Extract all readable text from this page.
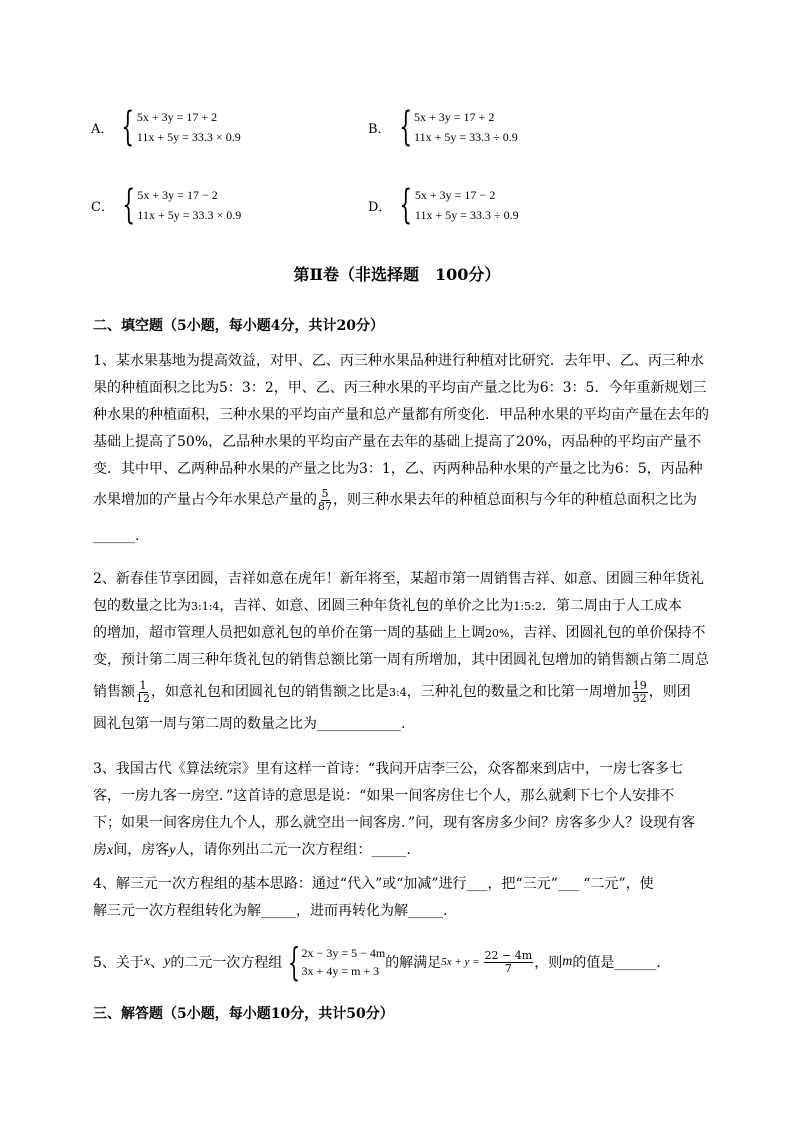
A． { 5x + 3y = 17 + 2
11x + 5y = 33.3 × 0.9
B． { 5x + 3y = 17 + 2
11x + 5y = 33.3 ÷ 0.9
C． { 5x + 3y = 17 − 2
11x + 5y = 33.3 × 0.9
D． { 5x + 3y = 17 − 2
11x + 5y = 33.3 ÷ 0.9
第Ⅱ卷（非选择题　100分）
二、填空题（5小题，每小题4分，共计20分）
1、某水果基地为提高效益，对甲、乙、丙三种水果品种进行种植对比研究．去年甲、乙、丙三种水
果的种植面积之比为5：3：2，甲、乙、丙三种水果的平均亩产量之比为6：3：5．今年重新规划三
种水果的种植面积，三种水果的平均亩产量和总产量都有所变化．甲品种水果的平均亩产量在去年的
基础上提高了50%，乙品种水果的平均亩产量在去年的基础上提高了20%，丙品种的平均亩产量不
变．其中甲、乙两种品种水果的产量之比为3：1，乙、丙两种品种水果的产量之比为6：5，丙品种
水果增加的产量占今年水果总产量的 $\frac{5}{87}$ ，则三种水果去年的种植总面积与今年的种植总面积之比为
______.
2、新春佳节享团圆，吉祥如意在虎年！新年将至，某超市第一周销售吉祥、如意、团圆三种年货礼
包的数量之比为3:1:4，吉祥、如意、团圆三种年货礼包的单价之比为1:5:2．第二周由于人工成本
的增加，超市管理人员把如意礼包的单价在第一周的基础上上调20%，吉祥、团圆礼包的单价保持不
变，预计第二周三种年货礼包的销售总额比第一周有所增加，其中团圆礼包增加的销售额占第二周总
销售额 $\frac{1}{12}$ ，如意礼包和团圆礼包的销售额之比是3:4，三种礼包的数量之和比第一周增加 $\frac{19}{32}$ ，则团
圆礼包第一周与第二周的数量之比为____________.
3、我国古代《算法统宗》里有这样一首诗：“我问开店李三公，众客都来到店中，一房七客多七
客，一房九客一房空．”这首诗的意思是说：“如果一间客房住七个人，那么就剩下七个人安排不
下；如果一间客房住九个人，那么就空出一间客房．”问，现有客房多少间？房客多少人？设现有客
房x间，房客y人，请你列出二元一次方程组：_____.
4、解三元一次方程组的基本思路：通过“代入”或“加减”进行___，把“三元”___ “二元”，使
解三元一次方程组转化为解_____，进而再转化为解_____.
5、关于 x 、 y 的二元一次方程组 { 2x − 3y = 5 − 4m
3x + 4y = m + 3 的解满足 $5x + y = \frac{22 - 4m}{7}$ ，则 m 的值是______.
三、解答题（5小题，每小题10分，共计50分）
